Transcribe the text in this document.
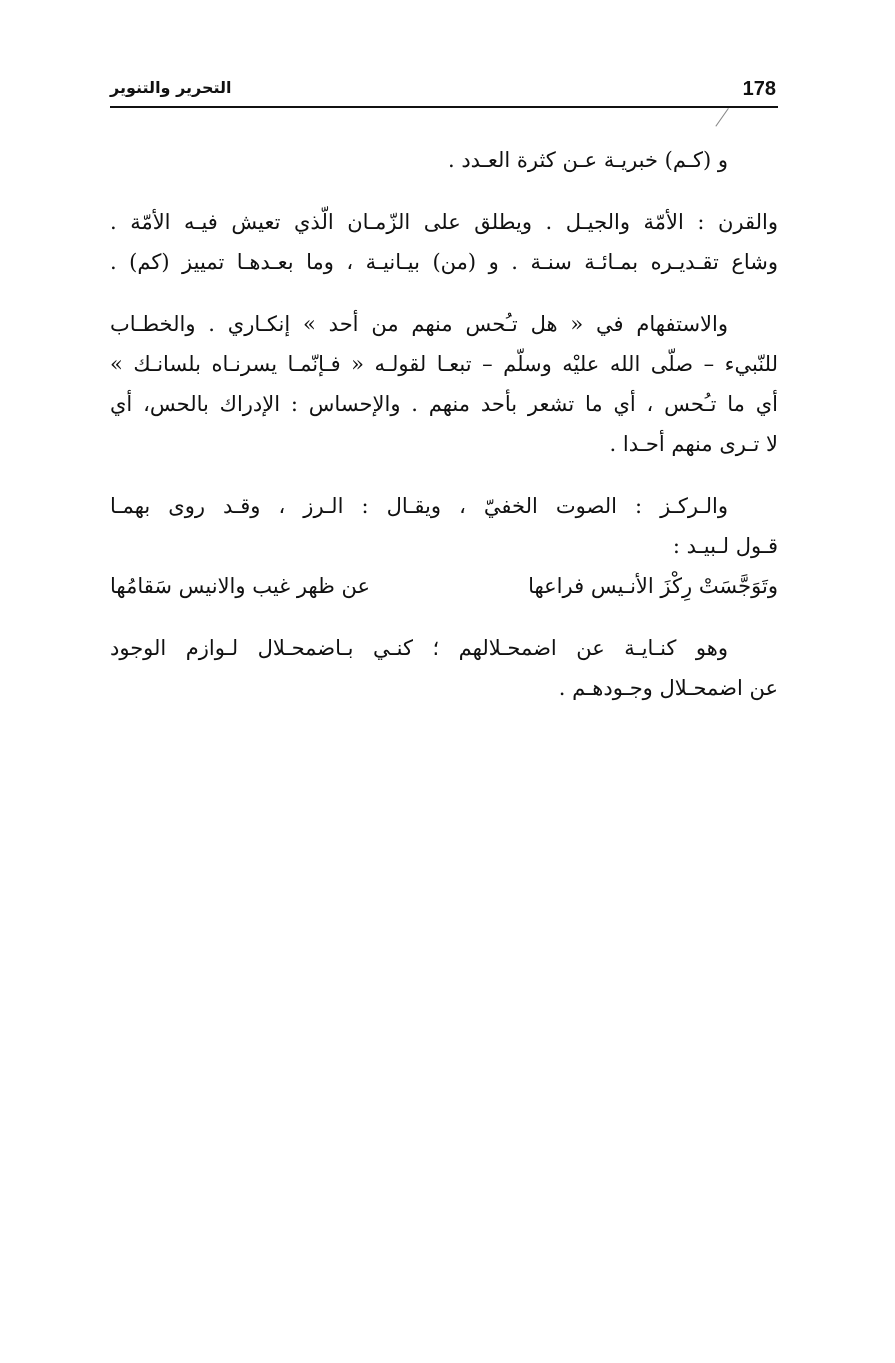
178
التحرير والتنوير
و (كـم) خبريـة عـن كثرة العـدد .
والقرن : الأمّة والجيـل . ويطلق على الزّمـان الّذي تعيش فيـه الأمّة .
وشاع تقـديـره بمـائـة سنـة . و (من) بيـانيـة ، وما بعـدهـا تمييز (كم) .
والاستفهام في « هل تـُحس منهم من أحد » إنكـاري . والخطـاب
للنّبيء – صلّى الله عليْه وسلّم – تبعـا لقولـه « فـإنّمـا يسرنـاه بلسانـك »
أي ما تـُحس ، أي ما تشعر بأحد منهم . والإحساس : الإدراك بالحس، أي
لا تـرى منهم أحـدا .
والـركـز : الصوت الخفيّ ، ويقـال : الـرز ، وقـد روى بهمـا
قـول لـبيـد :
وتَوَجَّسَتْ رِكْزَ الأنـيس فراعها
عن ظهر غيب والانيس سَقامُها
وهو كنـايـة عن اضمحـلالهم ؛ كنـي بـاضمحـلال لـوازم الوجود
عن اضمحـلال وجـودهـم .
